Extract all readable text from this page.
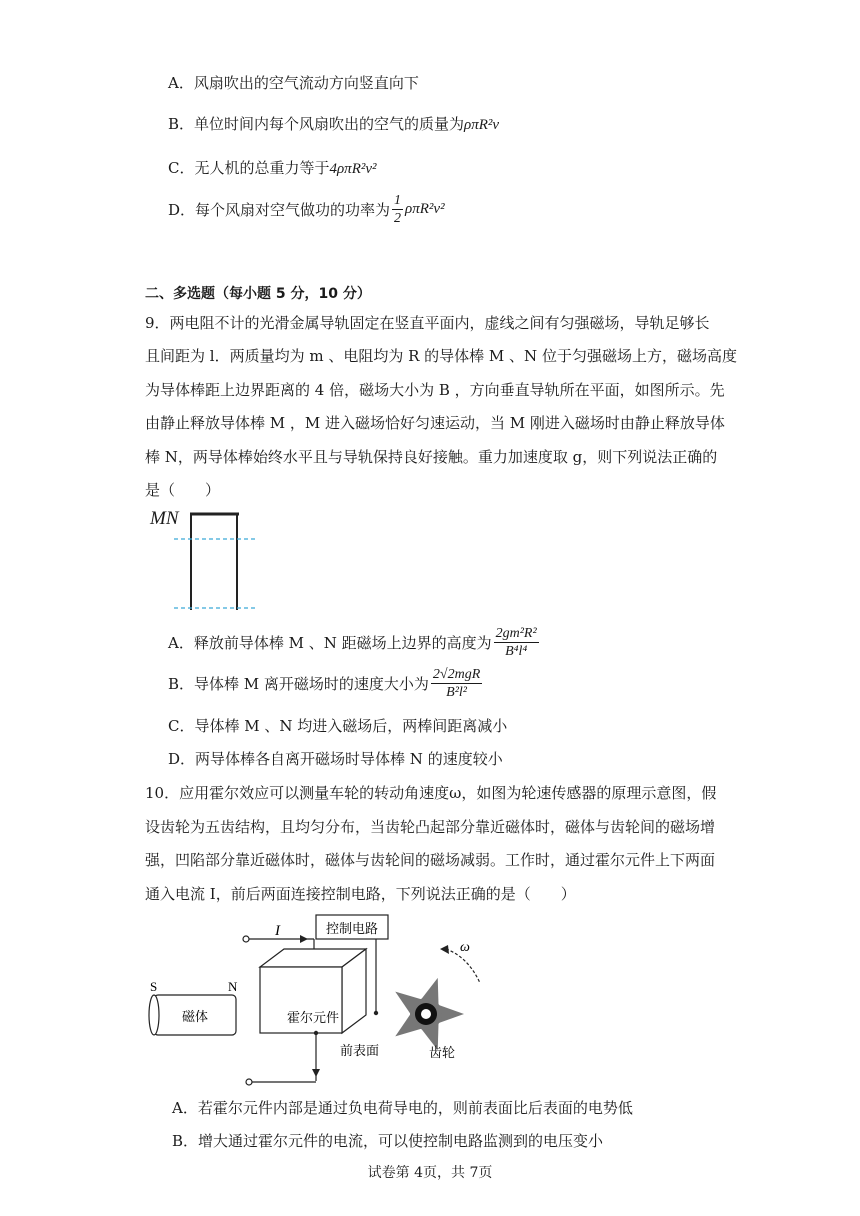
A．风扇吹出的空气流动方向竖直向下
B．单位时间内每个风扇吹出的空气的质量为ρπR²v
C．无人机的总重力等于4ρπR²v²
D．每个风扇对空气做功的功率为 $\frac{1}{2} \rho\pi R^2v^2$
二、多选题（每小题 5 分，10 分）
9．两电阻不计的光滑金属导轨固定在竖直平面内，虚线之间有匀强磁场，导轨足够长
且间距为 l．两质量均为 m 、电阻均为 R 的导体棒 M 、N 位于匀强磁场上方，磁场高度
为导体棒距上边界距离的 4 倍，磁场大小为 B ，方向垂直导轨所在平面，如图所示。先
由静止释放导体棒 M ，M 进入磁场恰好匀速运动，当 M 刚进入磁场时由静止释放导体
棒 N，两导体棒始终水平且与导轨保持良好接触。重力加速度取 g，则下列说法正确的
是（　　）
MN
A．释放前导体棒 M 、N 距磁场上边界的高度为 $\frac{\text{2gm²R²}}{\text{B⁴l⁴}}$
B．导体棒 M 离开磁场时的速度大小为 $\frac{\text{2√2mgR}}{\text{B²l²}}$
C．导体棒 M 、N 均进入磁场后，两棒间距离减小
D．两导体棒各自离开磁场时导体棒 N 的速度较小
10．应用霍尔效应可以测量车轮的转动角速度ω，如图为轮速传感器的原理示意图，假
设齿轮为五齿结构，且均匀分布，当齿轮凸起部分靠近磁体时，磁体与齿轮间的磁场增
强，凹陷部分靠近磁体时，磁体与齿轮间的磁场减弱。工作时，通过霍尔元件上下两面
通入电流 I，前后两面连接控制电路，下列说法正确的是（　　）
I	控制电路
霍尔元件
前表面
磁体
S	N
ω
齿轮
A．若霍尔元件内部是通过负电荷导电的，则前表面比后表面的电势低
B．增大通过霍尔元件的电流，可以使控制电路监测到的电压变小
试卷第 4页，共 7页
